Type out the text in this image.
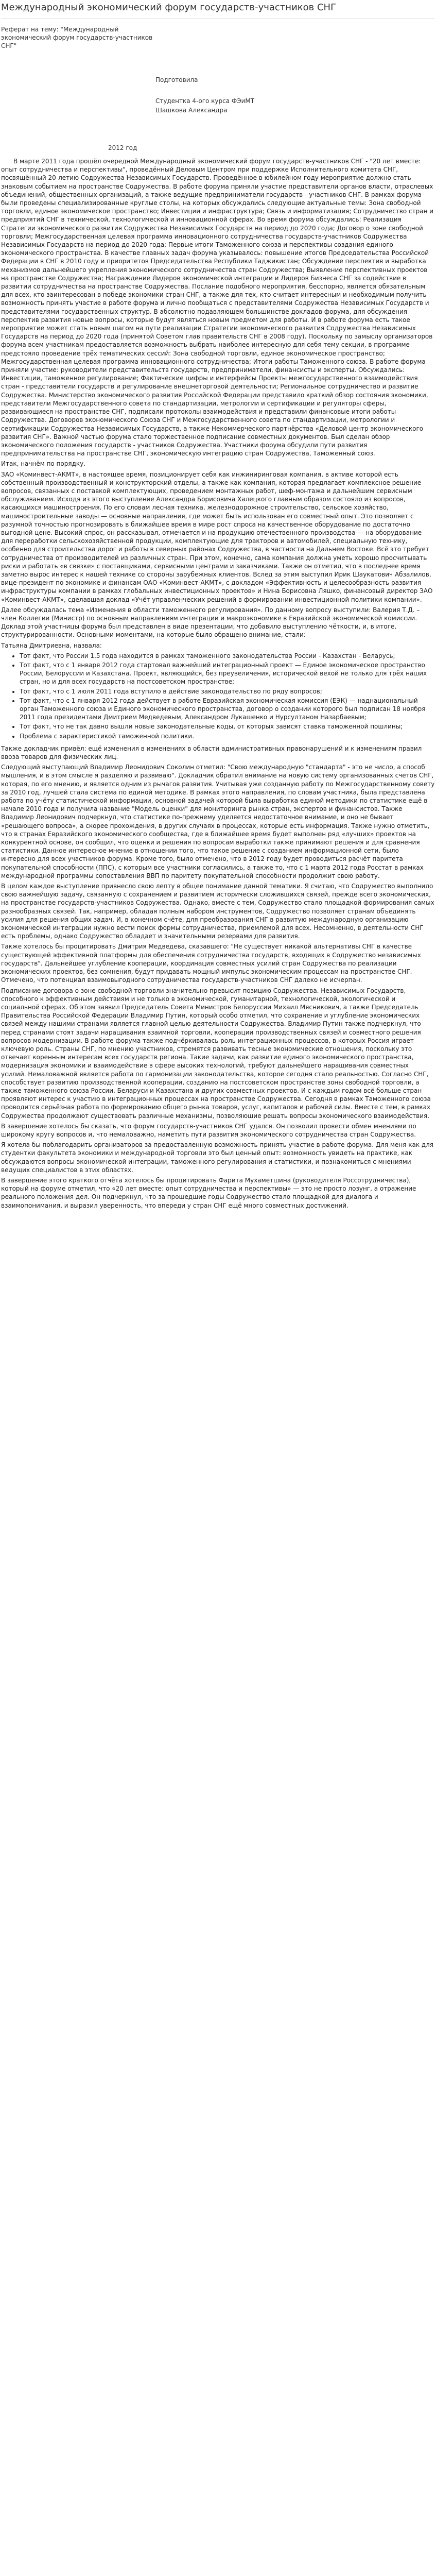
Международный экономический форум государств-участников СНГ
Реферат на тему: "Международный экономический форум государств-участников СНГ"
Подготовила
Студентка 4-ого курса ФЭиМТ
Шашкова Александра
2012 год

В марте 2011 года прошёл очередной Международный экономический форум государств-участников СНГ - "20 лет вместе: опыт сотрудничества и перспективы", проведённый Деловым Центром при поддержке Исполнительного комитета СНГ, посвящённый 20-летию Содружества Независимых Государств. Проведённое в юбилейном году мероприятие должно стать знаковым событием на пространстве Содружества. В работе форума приняли участие представители органов власти, отраслевых объединений, общественных организаций, а также ведущие предприниматели государств - участников СНГ. В рамках форума были проведены специализированные круглые столы, на которых обсуждались следующие актуальные темы: Зона свободной торговли, единое экономическое пространство; Инвестиции и инфраструктура; Связь и информатизация; Сотрудничество стран и предприятий СНГ в технической, технологической и инновационной сферах. Во время форума обсуждались: Реализация Стратегии экономического развития Содружества Независимых Государств на период до 2020 года; Договор о зоне свободной торговли; Межгосударственная целевая программа инновационного сотрудничества государств-участников Содружества Независимых Государств на период до 2020 года; Первые итоги Таможенного союза и перспективы создания единого экономического пространства. В качестве главных задач форума указывалось: повышение итогов Председательства Российской Федерации в СНГ в 2010 году и приоритетов Председательства Республики Таджикистан; Обсуждение перспектив и выработка механизмов дальнейшего укрепления экономического сотрудничества стран Содружества; Выявление перспективных проектов на пространстве Содружества; Награждение Лидеров экономической интеграции и Лидеров Бизнеса СНГ за содействие в развитии сотрудничества на пространстве Содружества. Послание подобного мероприятия, бесспорно, является обязательным для всех, кто заинтересован в победе экономики стран СНГ, а также для тех, кто считает интересным и необходимым получить возможность принять участие в работе форума и лично пообщаться с представителями Содружества Независимых Государств и представителями государственных структур. В абсолютно подавляющем большинстве докладов форума, для обсуждения перспектив развития новые вопросы, которые будут являться новым предметом для работы. И в работе форума есть такое мероприятие может стать новым шагом на пути реализации Стратегии экономического развития Содружества Независимых Государств на период до 2020 года (принятой Советом глав правительств СНГ в 2008 году). Поскольку по замыслу организаторов форума всем участникам предоставляется возможность выбрать наиболее интересную для себя тему секции, в программе предстояло проведение трёх тематических сессий: Зона свободной торговли, единое экономическое пространство; Межгосударственная целевая программа инновационного сотрудничества; Итоги работы Таможенного союза. В работе форума приняли участие: руководители представительств государств, предприниматели, финансисты и эксперты. Обсуждались: Инвестиции, таможенное регулирование; Фактические цифры и интерфейсы Проекты межгосударственного взаимодействия стран - представители государств и регулирование внешнеторговой деятельности; Региональное сотрудничество и развитие Содружества. Министерство экономического развития Российской Федерации представило краткий обзор состояния экономики, представители Межгосударственного совета по стандартизации, метрологии и сертификации и регуляторы сферы, развивающиеся на пространстве СНГ, подписали протоколы взаимодействия и представили финансовые итоги работы Содружества. Договоров экономического Союза СНГ и Межгосударственного совета по стандартизации, метрологии и сертификации Содружества Независимых Государств, а также Некоммерческого партнёрства «Деловой центр экономического развития СНГ». Важной частью форума стало торжественное подписание совместных документов. Был сделан обзор экономического положения государств - участников Содружества. Участники форума обсудили пути развития предпринимательства на пространстве СНГ, экономическую интеграцию стран Содружества, Таможенный союз.

Итак, начнём по порядку.

ЗАО «Коминвест-АКМТ», в настоящее время, позиционирует себя как инжиниринговая компания, в активе которой есть собственный производственный и конструкторский отделы, а также как компания, которая предлагает комплексное решение вопросов, связанных с поставкой комплектующих, проведением монтажных работ, шеф-монтажа и дальнейшим сервисным обслуживанием. Исходя из этого выступление Александра Борисовича Халецкого главным образом состояло из вопросов, касающихся машиностроения. По его словам лесная техника, железнодорожное строительство, сельское хозяйство, машиностроительные заводы — основные направления, где может быть использован его совместный опыт. Это позволяет с разумной точностью прогнозировать в ближайшее время в мире рост спроса на качественное оборудование по достаточно выгодной цене. Высокий спрос, он рассказывал, отмечается и на продукцию отечественного производства — на оборудование для переработки сельскохозяйственной продукции, комплектующие для тракторов и автомобилей, специальную технику, особенно для строительства дорог и работы в северных районах Содружества, в частности на Дальнем Востоке. Всё это требует сотрудничества от производителей из различных стран. При этом, конечно, сама компания должна уметь хорошо просчитывать риски и работать «в связке» с поставщиками, сервисными центрами и заказчиками. Также он отметил, что в последнее время заметно вырос интерес к нашей технике со стороны зарубежных клиентов. Вслед за этим выступил Ирик Шаукатович Абзалилов, вице-президент по экономике и финансам ОАО «Коминвест-АКМТ», с докладом «Эффективность и целесообразность развития инфраструктуры компании в рамках глобальных инвестиционных проектов» и Нина Борисовна Ляшко, финансовый директор ЗАО «Коминвест-АКМТ», сделавшая доклад «Учёт управленческих решений в формировании инвестиционной политики компании».

Далее обсуждалась тема «Изменения в области таможенного регулирования». По данному вопросу выступили: Валерия Т.Д. – член Коллегии (Министр) по основным направлениям интеграции и макроэкономике в Евразийской экономической комиссии. Доклад этой участницы форума был представлен в виде презентации, что добавило выступлению чёткости, и, в итоге, структурированности. Основными моментами, на которые было обращено внимание, стали:

Татьяна Дмитриевна, назвала:

• Тот факт, что России 1,5 года находится в рамках таможенного законодательства России - Казахстан - Беларусь;
• Тот факт, что с 1 января 2012 года стартовал важнейший интеграционный проект — Единое экономическое пространство России, Белоруссии и Казахстана. Проект, являющийся, без преувеличения, исторической вехой не только для трёх наших стран, но и для всех государств на постсоветском пространстве;
• Тот факт, что с 1 июля 2011 года вступило в действие законодательство по ряду вопросов;
• Тот факт, что с 1 января 2012 года действует в работе Евразийская экономическая комиссия (ЕЭК) — наднациональный орган Таможенного союза и Единого экономического пространства, договор о создании которого был подписан 18 ноября 2011 года президентами Дмитрием Медведевым, Александром Лукашенко и Нурсултаном Назарбаевым;
• Тот факт, что не так давно вышли новые законодательные коды, от которых зависят ставка таможенной пошлины;
• Проблема с характеристикой таможенной политики.

Также докладчик привёл: ещё изменения в изменениях в области административных правонарушений и к изменениям правил ввоза товаров для физических лиц.

Следующий выступающий Владимир Леонидович Соколин отметил: "Свою международную "стандарта" - это не число, а способ мышления, и в этом смысле я разделяю и развиваю". Докладчик обратил внимание на новую систему организованных счетов СНГ, которая, по его мнению, и является одним из рычагов развития. Учитывая уже созданную работу по Межгосударственному совету за 2010 год, лучшей стала система по единой методике. В рамках этого направления, по словам участника, была представлена работа по учёту статистической информации, основной задачей которой была выработка единой методики по статистике ещё в начале 2010 года и получила название "Модель оценки" для мониторинга рынка стран, экспертов и финансистов. Также Владимир Леонидович подчеркнул, что статистике по-прежнему уделяется недостаточное внимание, и оно не бывает «решающего вопроса», а скорее прохождения, в других случаях в процессах, которые есть информация. Также нужно отметить, что в странах Евразийского экономического сообщества, где в ближайшее время будет выполнен ряд «лучших» проектов на конкурентной основе, он сообщил, что оценки и решения по вопросам выработки также принимают решения и для сравнения статистики. Данное интересное мнение в отношении того, что такое решение с созданием информационной сети, было интересно для всех участников форума. Кроме того, было отмечено, что в 2012 году будет проводиться расчёт паритета покупательной способности (ППС), с которым все участники согласились, а также то, что с 1 марта 2012 года Росстат в рамках международной программы сопоставления ВВП по паритету покупательной способности продолжит свою работу.

В целом каждое выступление привнесло свою лепту в общее понимание данной тематики. Я считаю, что Содружество выполнило свою важнейшую задачу, связанную с сохранением и развитием исторически сложившихся связей, прежде всего экономических, на пространстве государств-участников Содружества. Однако, вместе с тем, Содружество стало площадкой формирования самых разнообразных связей. Так, например, обладая полным набором инструментов, Содружество позволяет странам объединять усилия для решения общих задач. И, в конечном счёте, для преобразования СНГ в развитую международную организацию экономической интеграции нужно вести поиск формы сотрудничества, приемлемой для всех. Несомненно, в деятельности СНГ есть проблемы, однако Содружество обладает и значительными резервами для развития.

Также хотелось бы процитировать Дмитрия Медведева, сказавшего: "Не существует никакой альтернативы СНГ в качестве существующей эффективной платформы для обеспечения сотрудничества государств, входящих в Содружество независимых государств". Дальнейшее углубление кооперации, координация совместных усилий стран Содружества по реализации экономических проектов, без сомнения, будут придавать мощный импульс экономическим процессам на пространстве СНГ. Отмечено, что потенциал взаимовыгодного сотрудничества государств-участников СНГ далеко не исчерпан.

Подписание договора о зоне свободной торговли значительно превысит позицию Содружества. Независимых Государств, способного к эффективным действиям и не только в экономической, гуманитарной, технологической, экологической и социальной сферах. Об этом заявил Председатель Совета Министров Белоруссии Михаил Мясникович, а также Председатель Правительства Российской Федерации Владимир Путин, который особо отметил, что сохранение и углубление экономических связей между нашими странами является главной целью деятельности Содружества. Владимир Путин также подчеркнул, что перед странами стоят задачи наращивания взаимной торговли, кооперации производственных связей и совместного решения вопросов модернизации. В работе форума также подчёркивалась роль интеграционных процессов, в которых Россия играет ключевую роль. Страны СНГ, по мнению участников, стремятся развивать тесные экономические отношения, поскольку это отвечает коренным интересам всех государств региона. Такие задачи, как развитие единого экономического пространства, модернизация экономики и взаимодействие в сфере высоких технологий, требуют дальнейшего наращивания совместных усилий. Немаловажной является работа по гармонизации законодательства, которое сегодня стало реальностью. Согласно СНГ, способствует развитию производственной кооперации, созданию на постсоветском пространстве зоны свободной торговли, а также таможенного союза России, Беларуси и Казахстана и других совместных проектов. И с каждым годом всё больше стран проявляют интерес к участию в интеграционных процессах на пространстве Содружества. Сегодня в рамках Таможенного союза проводится серьёзная работа по формированию общего рынка товаров, услуг, капиталов и рабочей силы. Вместе с тем, в рамках Содружества продолжают существовать различные механизмы, позволяющие решать вопросы экономического взаимодействия.

В завершение хотелось бы сказать, что форум государств-участников СНГ удался. Он позволил провести обмен мнениями по широкому кругу вопросов и, что немаловажно, наметить пути развития экономического сотрудничества стран Содружества.

Я хотела бы поблагодарить организаторов за предоставленную возможность принять участие в работе форума. Для меня как для студентки факультета экономики и международной торговли это был ценный опыт: возможность увидеть на практике, как обсуждаются вопросы экономической интеграции, таможенного регулирования и статистики, и познакомиться с мнениями ведущих специалистов в этих областях.

В завершение этого краткого отчёта хотелось бы процитировать Фарита Мухаметшина (руководителя Россотрудничества), который на форуме отметил, что «20 лет вместе: опыт сотрудничества и перспективы» — это не просто лозунг, а отражение реального положения дел. Он подчеркнул, что за прошедшие годы Содружество стало площадкой для диалога и взаимопонимания, и выразил уверенность, что впереди у стран СНГ ещё много совместных достижений.
